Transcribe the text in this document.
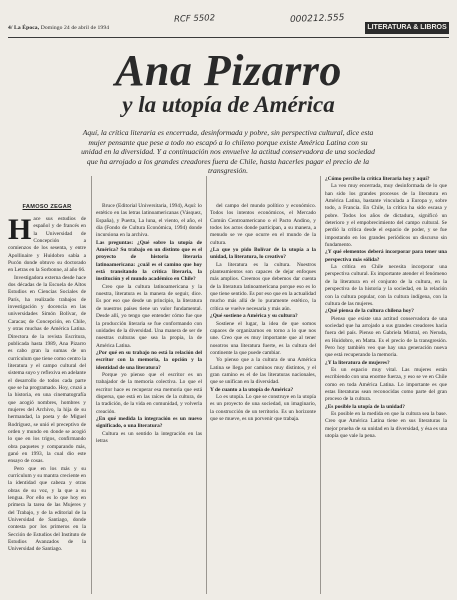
4/ La Época, Domingo 24 de abril de 1994
RCF 5502	000212.555
LITERATURA & LIBROS
Ana Pizarro
y la utopía de América
Aquí, la crítica literaria es encerrada, desinformada y pobre, sin perspectiva cultural, dice esta mujer pensante que pese a todo no escapó a lo chileno porque existe América Latina con su unidad en la diversidad. Y a continuación nos envuelve la actitud conservadora de una sociedad que ha arrojado a los grandes creadores fuera de Chile, hasta hacerles pagar el precio de la transgresión.
FAMOSO ZEGAR
H ace sus estudios de español y de francés en la Universidad de Concepción a comienzos de los sesenta, y entre Apollinaire y Huidobro sabía a Pucón donde obtuvo su doctorado en Letras en la Sorbonne, al año 66.

Investigadora externa desde hace dos décadas de la Escuela de Altos Estudios en Ciencias Sociales de París, ha realizado trabajos de investigación y docencia en las universidades Simón Bolívar, de Caracas; de Concepción, en Chile, y otras muchas de América Latina. Directora de la revista Escritura, publicada hasta 1989, Ana Pizarro es cabo gran la sumas de un currículum que tiene como centro la literatura y el campo cultural del sistema suyo y reflexiva en adelante el desarrollo de todos cada parte que se ha programado. Hoy, cruzó a la historia, en una cinematografía que acogió nombres, hombres y mujeres del Archivo, la hija de su hermandad, la poeta y de Miguel Rodríguez, se unió el preceptivo de orden y mundo en donde se acogió lo que en los trigos, confirmando obra paquetes y comparando más, ganó en 1993, la cual dio este ensayo de cosas.

Pero que en los más y su currículum y su mantra creciente en la identidad que cabeza y otras obras de su voz, y la que a su lengua. Por ello es lo que hoy en primera la tarea de las Mujeres y del Trabajo, y de la editorial de la Universidad de Santiago, donde contesta por los primeros en la Sección de Estudios del Instituto de Estudios Avanzados de la Universidad de Santiago.

Bruce (Editorial Universitaria, 1994), Aquí: lo estético en las letras latinoamericanas (Vásquez, España), y Puerta, La luna, el viento, el año, el día (Fondo de Cultura Económica, 1994) donde incursiona en la archiva.

Las preguntas: ¿Qué sobre la utopía de América? Su trabajo en un distinto que es el proyecto de historia literaria latinoamericana: ¿cuál es el camino que hoy está transitando la crítica literaria, la institución y el mundo académico en Chile?

Creo que la cultura latinoamericana y la nuestra, literatura es la manera de seguir, dice. Es por eso que desde un principio, la literatura de nuestros países tiene un valor fundamental. Desde allí, yo tengo que entender cómo fue que la producción literaria se fue conformando con unidades de la diversidad. Una manera de ser de nuestras culturas que sea la propia, la de América Latina.

¿Por qué en su trabajo no está la relación del escritor con la memoria, la opción y la identidad de una literatura?

Porque yo pienso que el escritor es un trabajador de la memoria colectiva. Lo que el escritor hace es recuperar esa memoria que está dispersa, que está en las raíces de la cultura, de la tradición, de la vida en comunidad, y volverla creación.

¿En qué medida la integración es un nuevo significado, o una literatura?

Cultura es un sentido la integración en las letras

del campo del mundo político y económico. Todos los intentos económicos, el Mercado Común Centroamericano o el Pacto Andino, y todos los actos donde participan, a su manera, a menudo se ve que ocurre en el mundo de la cultura.

¿La que yo pido Bolívar de la utopía a la unidad, la literatura, lo creativo?

La literatura es la cultura. Nuestros planteamientos son capaces de dejar enfoques más amplios. Creemos que debemos dar cuenta de la literatura latinoamericana porque eso es lo que tiene sentido. Es por eso que en la actualidad mucho más allá de lo puramente estético, la crítica se vuelve necesaria y más aún.

¿Qué sostiene a América y su cultura?

Sostiene el lugar, la idea de que somos capaces de organizarnos en torno a lo que nos une. Creo que es muy importante que al tener nosotros una literatura fuerte, es la cultura del continente la que puede cambiar.

Yo pienso que a la cultura de una América Latina se llega por caminos muy distintos, y el gran camino es el de las literaturas nacionales, que se unifican en la diversidad.

Y de cuanto a la utopía de América?

Lo es utopía. Lo que se construye en la utopía es un proyecto de una sociedad, un imaginario, la construcción de un territorio. Es un horizonte que se mueve, es un porvenir que trabaja.

¿Cómo percibe la crítica literaria hoy y aquí?

La veo muy encerrada, muy desinformada de lo que han sido los grandes procesos de la literatura en América Latina, bastante vinculada a Europa y, sobre todo, a Francia. En Chile, la crítica ha sido escasa y pobre. Todos los años de dictadura, significó un deterioro y el empobrecimiento del campo cultural. Se perdió la crítica desde el espacio de poder, y se fue impostando en los grandes periódicos un discurso sin fundamento.

¿Y qué elementos deberá incorporar para tener una perspectiva más sólida?

La crítica en Chile necesita incorporar una perspectiva cultural. Es importante atender el fenómeno de la literatura en el conjunto de la cultura, en la perspectiva de la historia y la sociedad, en la relación con la cultura popular, con la cultura indígena, con la cultura de las mujeres.

¿Qué piensa de la cultura chilena hoy?

Pienso que existe una actitud conservadora de una sociedad que ha arrojado a sus grandes creadores hacia fuera del país. Pienso en Gabriela Mistral, en Neruda, en Huidobro, en Matta. Es el precio de la transgresión. Pero hoy también veo que hay una generación nueva que está recuperando la memoria.

¿Y la literatura de mujeres?

Es un espacio muy vital. Las mujeres están escribiendo con una enorme fuerza, y eso se ve en Chile como en toda América Latina. Lo importante es que estas literaturas sean reconocidas como parte del gran proceso de la cultura.

¿Es posible la utopía de la unidad?

Es posible en la medida en que la cultura sea la base. Creo que América Latina tiene en sus literaturas la mejor prueba de su unidad en la diversidad, y ésa es una utopía que vale la pena.
